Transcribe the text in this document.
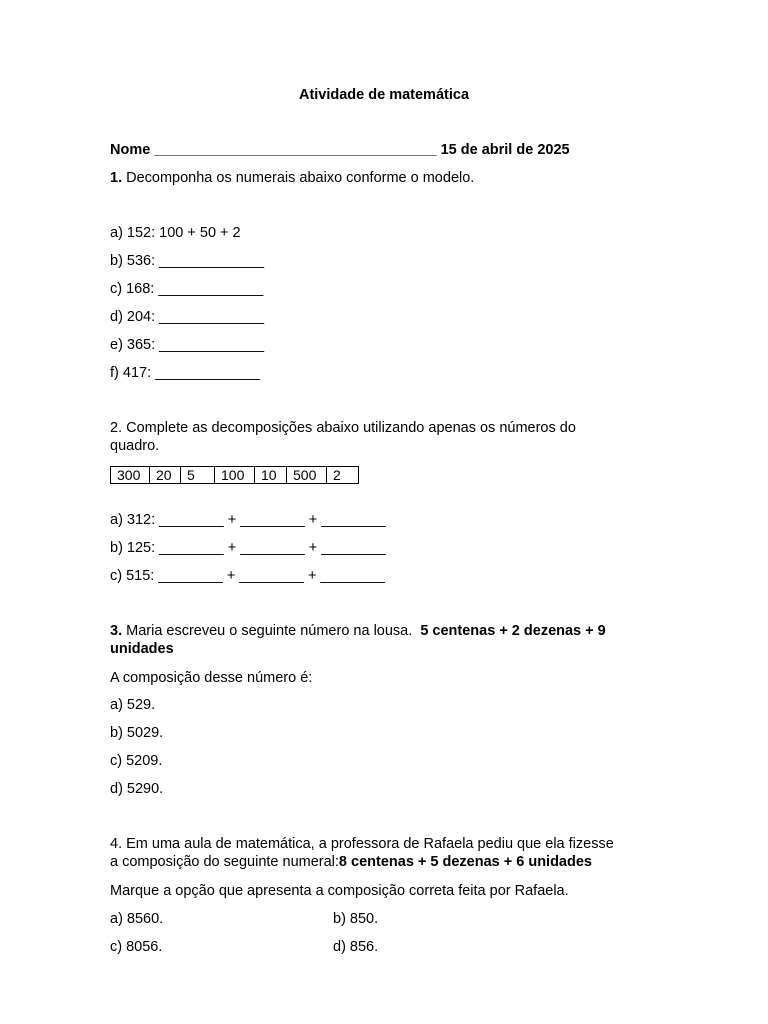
Atividade de matemática
Nome ___________________________________ 15 de abril de 2025
1. Decomponha os numerais abaixo conforme o modelo.
a) 152: 100 + 50 + 2
b) 536: _____________
c) 168: _____________
d) 204: _____________
e) 365: _____________
f) 417: _____________
2. Complete as decomposições abaixo utilizando apenas os números do
quadro.
300	20	5	100	10	500	2
a) 312: ________ + ________ + ________
b) 125: ________ + ________ + ________
c) 515: ________ + ________ + ________
3. Maria escreveu o seguinte número na lousa. 5 centenas + 2 dezenas + 9
unidades
A composição desse número é:
a) 529.
b) 5029.
c) 5209.
d) 5290.
4. Em uma aula de matemática, a professora de Rafaela pediu que ela fizesse
a composição do seguinte numeral:8 centenas + 5 dezenas + 6 unidades
Marque a opção que apresenta a composição correta feita por Rafaela.
a) 8560.	b) 850.
c) 8056.	d) 856.
